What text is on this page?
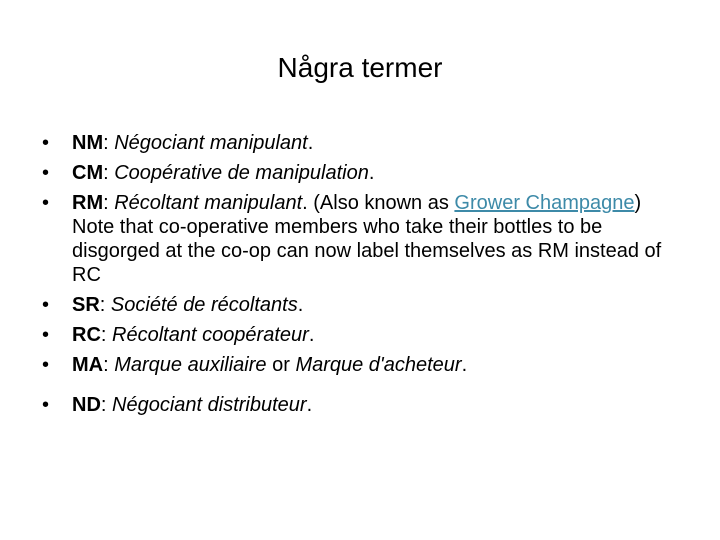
Några termer
•	NM: Négociant manipulant.
•	CM: Coopérative de manipulation.
•	RM: Récoltant manipulant. (Also known as Grower Champagne) Note that co-operative members who take their bottles to be disgorged at the co-op can now label themselves as RM instead of RC
•	SR: Société de récoltants.
•	RC: Récoltant coopérateur.
•	MA: Marque auxiliaire or Marque d'acheteur.
•	ND: Négociant distributeur.
